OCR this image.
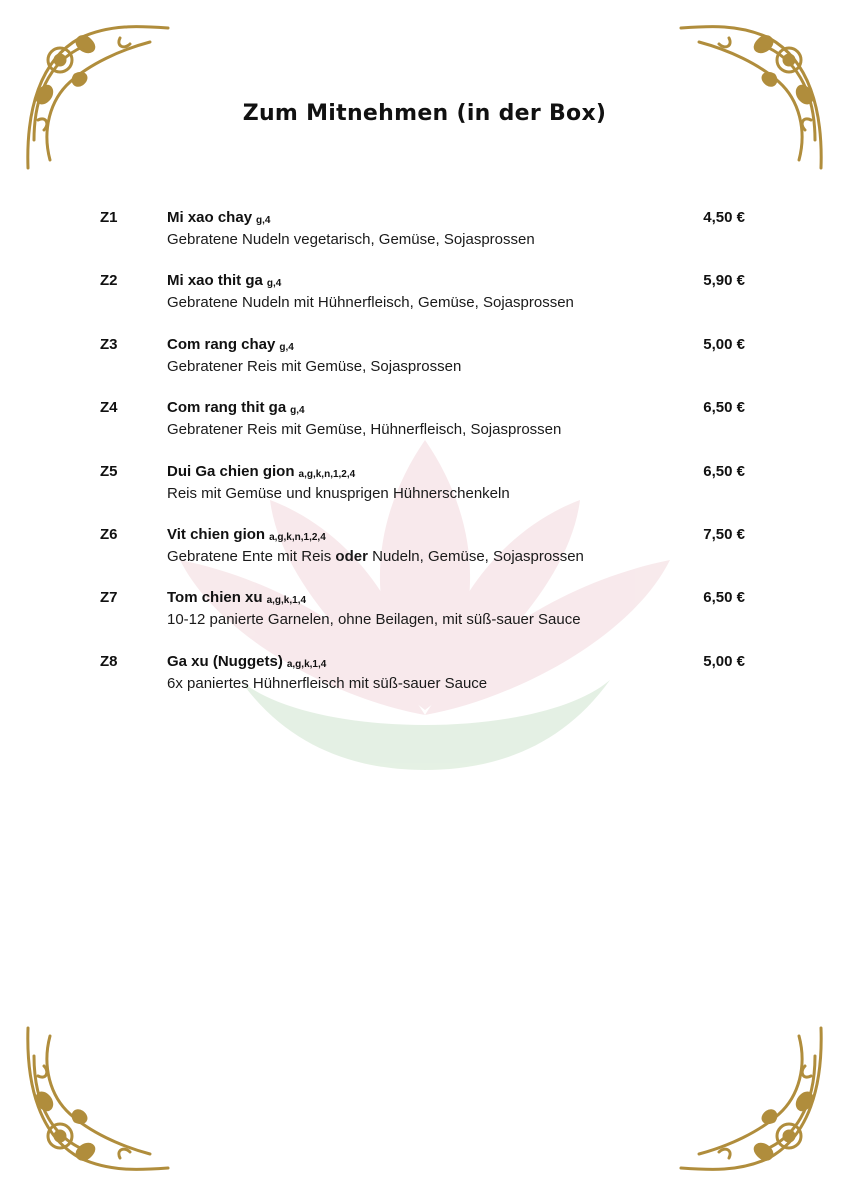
Zum Mitnehmen (in der Box)
Z1	Mi xao chay g,4
Gebratene Nudeln vegetarisch, Gemüse, Sojasprossen
4,50 €
Z2	Mi xao thit ga g,4
Gebratene Nudeln mit Hühnerfleisch, Gemüse, Sojasprossen
5,90 €
Z3	Com rang chay g,4
Gebratener Reis mit Gemüse, Sojasprossen
5,00 €
Z4	Com rang thit ga g,4
Gebratener Reis mit Gemüse, Hühnerfleisch, Sojasprossen
6,50 €
Z5	Dui Ga chien gion a,g,k,n,1,2,4
Reis mit Gemüse und knusprigen Hühnerschenkeln
6,50 €
Z6	Vit chien gion a,g,k,n,1,2,4
Gebratene Ente mit Reis oder Nudeln, Gemüse, Sojasprossen
7,50 €
Z7	Tom chien xu a,g,k,1,4
10-12 panierte Garnelen, ohne Beilagen, mit süß-sauer Sauce
6,50 €
Z8	Ga xu (Nuggets) a,g,k,1,4
6x paniertes Hühnerfleisch mit süß-sauer Sauce
5,00 €
